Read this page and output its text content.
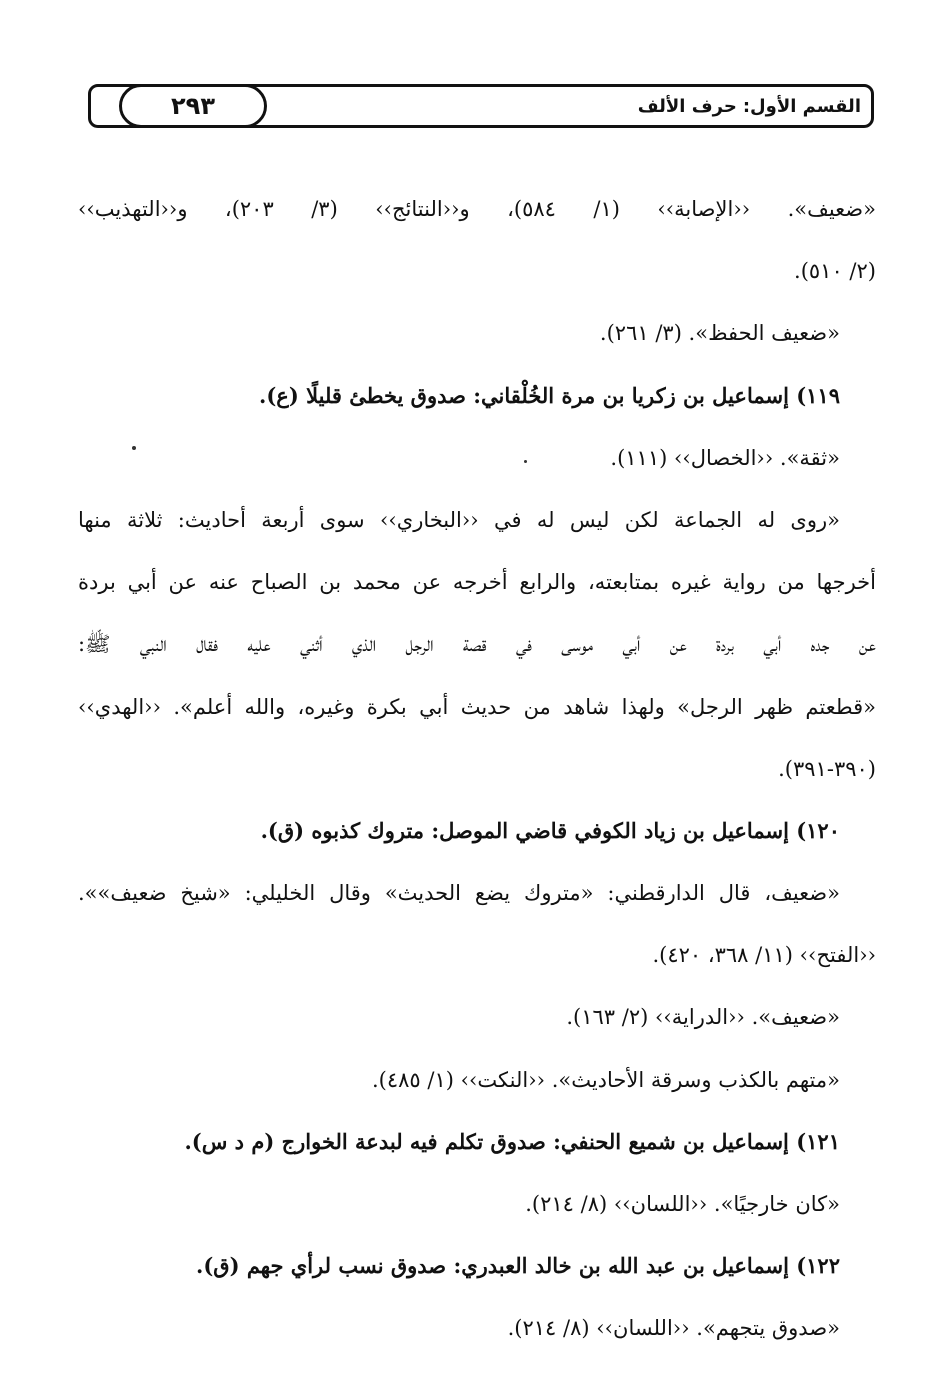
٢٩٣	القسم الأول:
حرف الألف
«ضعيف». ‹‹الإصابة›› (١/ ٥٨٤)، و‹‹النتائج›› (٣/ ٢٠٣)، و‹‹التهذيب››
(٢/ ٥١٠).
«ضعيف الحفظ». (٣/ ٢٦١).
١١٩) إسماعيل بن زكريا بن مرة الخُلْقاني: صدوق يخطئ قليلًا (ع).
«ثقة». ‹‹الخصال›› (١١١).
«روى له الجماعة لكن ليس له في ‹‹البخاري›› سوى أربعة أحاديث: ثلاثة منها
أخرجها من رواية غيره بمتابعته، والرابع أخرجه عن محمد بن الصباح عنه عن أبي بردة
عن جده أبي بردة عن أبي موسى في قصة الرجل الذي أثني عليه فقال النبي ﷺ:
«قطعتم ظهر الرجل» ولهذا شاهد من حديث أبي بكرة وغيره، والله أعلم». ‹‹الهدي››
(٣٩٠-٣٩١).
١٢٠) إسماعيل بن زياد الكوفي قاضي الموصل: متروك كذبوه (ق).
«ضعيف، قال الدارقطني: «متروك يضع الحديث» وقال الخليلي: «شيخ ضعيف»».
‹‹الفتح›› (١١/ ٣٦٨، ٤٢٠).
«ضعيف». ‹‹الدراية›› (٢/ ١٦٣).
«متهم بالكذب وسرقة الأحاديث». ‹‹النكت›› (١/ ٤٨٥).
١٢١) إسماعيل بن شميع الحنفي: صدوق تكلم فيه لبدعة الخوارج (م د س).
«كان خارجيًا». ‹‹اللسان›› (٨/ ٢١٤).
١٢٢) إسماعيل بن عبد الله بن خالد العبدري: صدوق نسب لرأي جهم (ق).
«صدوق يتجهم». ‹‹اللسان›› (٨/ ٢١٤).
